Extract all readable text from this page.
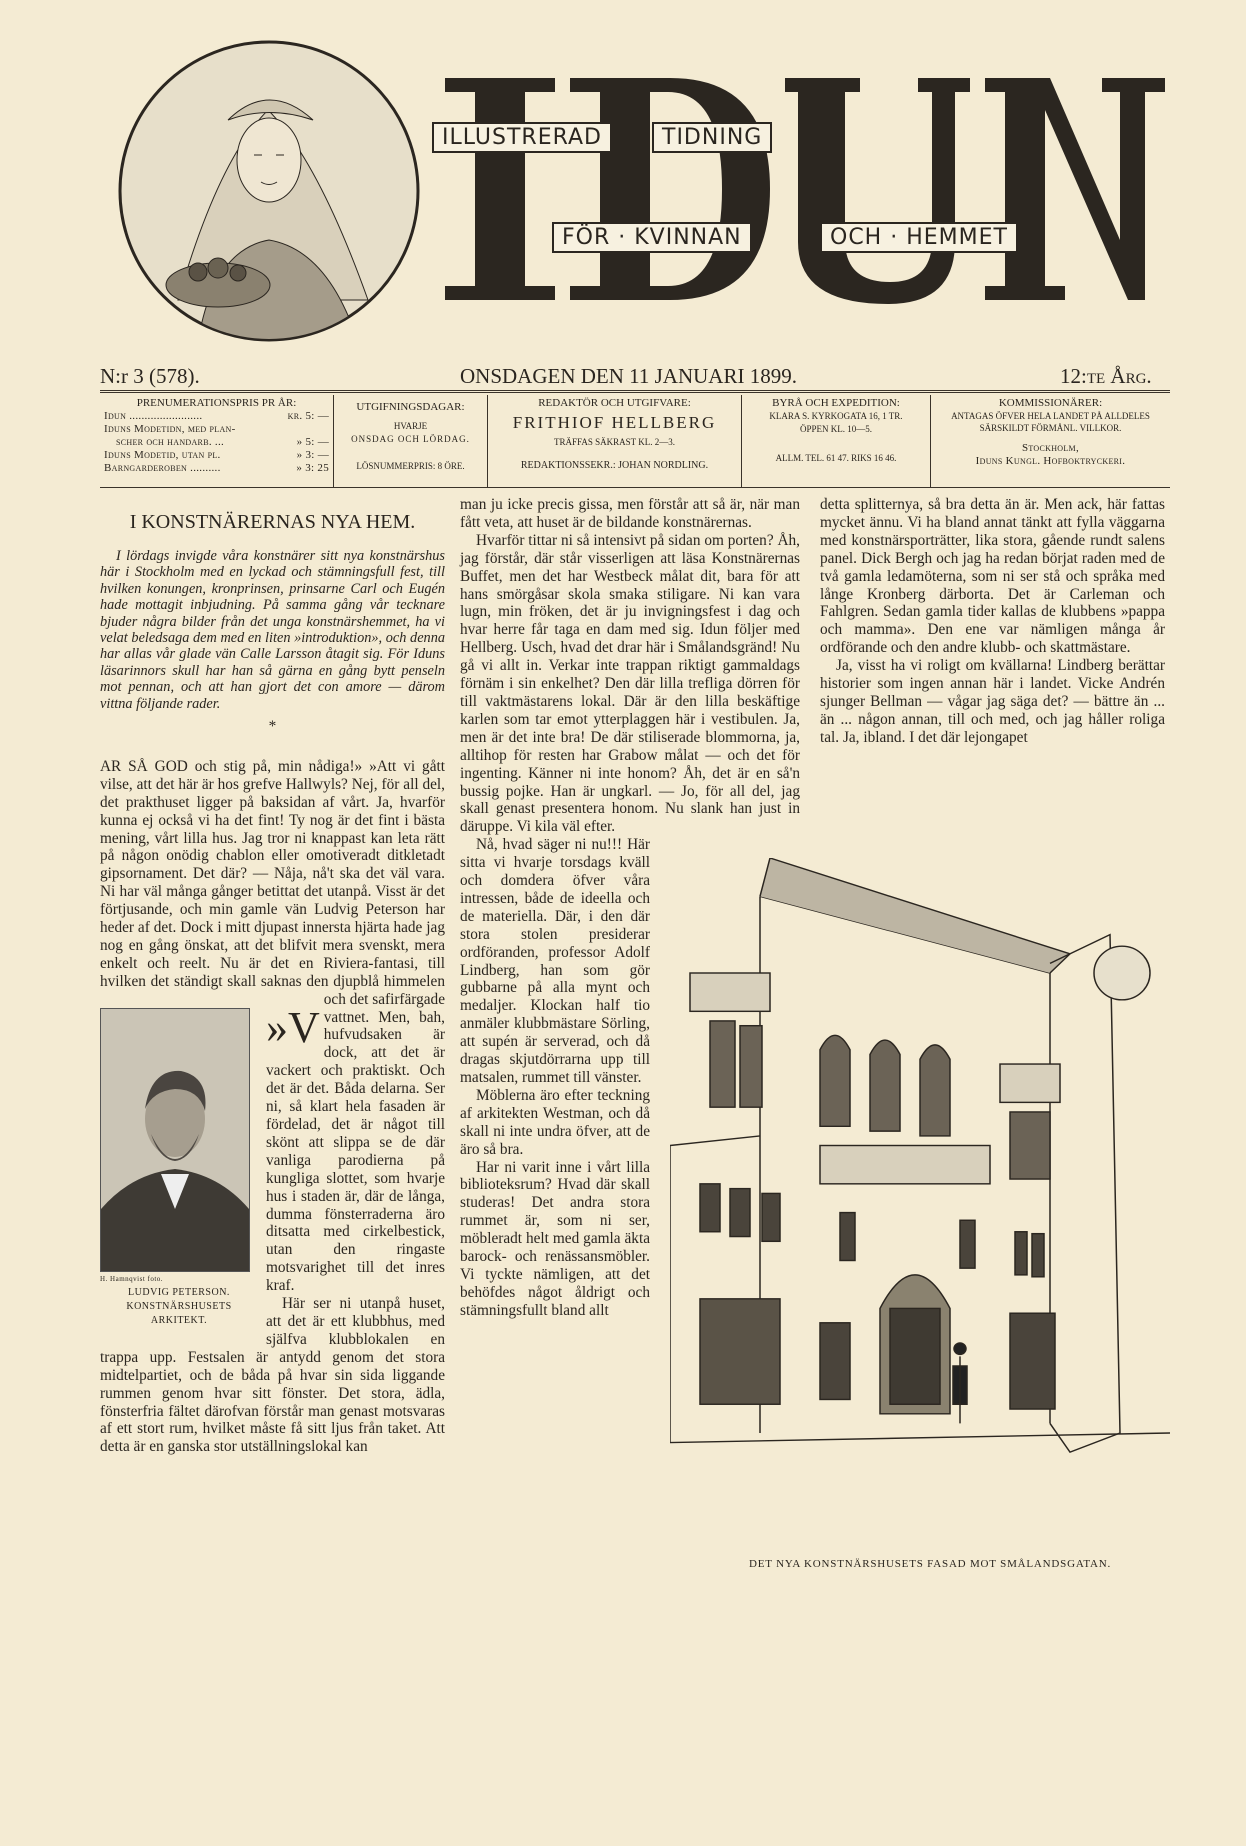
ILLUSTRERAD	TIDNING
FÖR · KVINNAN	OCH · HEMMET
N:r 3 (578).	ONSDAGEN DEN 11 JANUARI 1899.	12:te Årg.
PRENUMERATIONSPRIS PR ÅR:
Idun ........................	kr. 5: —
Iduns Modetidn, med plan-
scher och handarb. ...	» 5: —
Iduns Modetid, utan pl.	» 3: —
Barngarderoben ..........	» 3: 25
UTGIFNINGSDAGAR:
HVARJE
ONSDAG OCH LÖRDAG.
LÖSNUMMERPRIS: 8 ÖRE.
REDAKTÖR OCH UTGIFVARE:
FRITHIOF HELLBERG
TRÄFFAS SÄKRAST KL. 2—3.
REDAKTIONSSEKR.: JOHAN NORDLING.
BYRÅ OCH EXPEDITION:
KLARA S. KYRKOGATA 16, 1 TR.
ÖPPEN KL. 10—5.
ALLM. TEL. 61 47. RIKS 16 46.
KOMMISSIONÄRER:
ANTAGAS ÖFVER HELA LANDET PÅ ALLDELES SÄRSKILDT FÖRMÅNL. VILLKOR.
Stockholm,
Iduns Kungl. Hofboktryckeri.
I KONSTNÄRERNAS NYA HEM.

I lördags invigde våra konstnärer sitt nya konstnärshus här i Stockholm med en lyckad och stämningsfull fest, till hvilken konungen, kronprinsen, prinsarne Carl och Eugén hade mottagit inbjudning. På samma gång vår tecknare bjuder några bilder från det unga konstnärshemmet, ha vi velat beledsaga dem med en liten »introduktion», och denna har allas vår glade vän Calle Larsson åtagit sig. För Iduns läsarinnors skull har han så gärna en gång bytt penseln mot pennan, och att han gjort det con amore — därom vittna följande rader.

*
H. Hamnqvist foto.
LUDVIG PETERSON. KONSTNÄRSHUSETS ARKITEKT.

»V
AR SÅ GOD och stig på, min nådiga!» »Att vi gått vilse, att det här är hos grefve Hallwyls? Nej, för all del, det prakthuset ligger på baksidan af vårt. Ja, hvarför kunna ej också vi ha det fint! Ty nog är det fint i bästa mening, vårt lilla hus. Jag tror ni knappast kan leta rätt på någon onödig chablon eller omotiveradt ditkletadt gipsornament. Det där? — Nåja, nå't ska det väl vara. Ni har väl många gånger betittat det utanpå. Visst är det förtjusande, och min gamle vän Ludvig Peterson har heder af det. Dock i mitt djupast innersta hjärta hade jag nog en gång önskat, att det blifvit mera svenskt, mera enkelt och reelt. Nu är det en Riviera-fantasi, till hvilken det ständigt skall saknas den djupblå himmelen och det safirfärgade vattnet. Men, bah, hufvudsaken är dock, att det är vackert och praktiskt. Och det är det. Båda delarna. Ser ni, så klart hela fasaden är fördelad, det är något till skönt att slippa se de där vanliga parodierna på kungliga slottet, som hvarje hus i staden är, där de långa, dumma fönsterraderna äro ditsatta med cirkelbestick, utan den ringaste motsvarighet till det inres kraf.

Här ser ni utanpå huset, att det är ett klubbhus, med själfva klubblokalen en trappa upp. Festsalen är antydd genom det stora midtelpartiet, och de båda på hvar sin sida liggande rummen genom hvar sitt fönster. Det stora, ädla, fönsterfria fältet därofvan förstår man genast motsvaras af ett stort rum, hvilket måste få sitt ljus från taket. Att detta är en ganska stor utställningslokal kan

man ju icke precis gissa, men förstår att så är, när man fått veta, att huset är de bildande konstnärernas.

Hvarför tittar ni så intensivt på sidan om porten? Åh, jag förstår, där står visserligen att läsa Konstnärernas Buffet, men det har Westbeck målat dit, bara för att hans smörgåsar skola smaka stiligare. Ni kan vara lugn, min fröken, det är ju invigningsfest i dag och hvar herre får taga en dam med sig. Idun följer med Hellberg. Usch, hvad det drar här i Smålandsgränd! Nu gå vi allt in. Verkar inte trappan riktigt gammaldags förnäm i sin enkelhet? Den där lilla trefliga dörren för till vaktmästarens lokal. Där är den lilla beskäftige karlen som tar emot ytterplaggen här i vestibulen. Ja, men är det inte bra! De där stiliserade blommorna, ja, alltihop för resten har Grabow målat — och det för ingenting. Känner ni inte honom? Åh, det är en så'n bussig pojke. Han är ungkarl. — Jo, för all del, jag skall genast presentera honom. Nu slank han just in däruppe. Vi kila väl efter.

Nå, hvad säger ni nu!!! Här sitta vi hvarje torsdags kväll och domdera öfver våra intressen, både de ideella och de materiella. Där, i den där stora stolen presiderar ordföranden, professor Adolf Lindberg, han som gör gubbarne på alla mynt och medaljer. Klockan half tio anmäler klubbmästare Sörling, att supén är serverad, och då dragas skjutdörrarna upp till matsalen, rummet till vänster.

Möblerna äro efter teckning af arkitekten Westman, och då skall ni inte undra öfver, att de äro så bra.

Har ni varit inne i vårt lilla biblioteksrum? Hvad där skall studeras! Det andra stora rummet är, som ni ser, möbleradt helt med gamla äkta barock- och renässansmöbler. Vi tyckte nämligen, att det behöfdes något åldrigt och stämningsfullt bland allt

detta splitternya, så bra detta än är. Men ack, här fattas mycket ännu. Vi ha bland annat tänkt att fylla väggarna med konstnärsporträtter, lika stora, gående rundt salens panel. Dick Bergh och jag ha redan börjat raden med de två gamla ledamöterna, som ni ser stå och språka med långe Kronberg därborta. Det är Carleman och Fahlgren. Sedan gamla tider kallas de klubbens »pappa och mamma». Den ene var nämligen många år ordförande och den andre klubb- och skattmästare.

Ja, visst ha vi roligt om kvällarna! Lindberg berättar historier som ingen annan här i landet. Vicke Andrén sjunger Bellman — vågar jag säga det? — bättre än ... än ... någon annan, till och med, och jag håller roliga tal. Ja, ibland. I det där lejongapet

DET NYA KONSTNÄRSHUSETS FASAD MOT SMÅLANDSGATAN.
